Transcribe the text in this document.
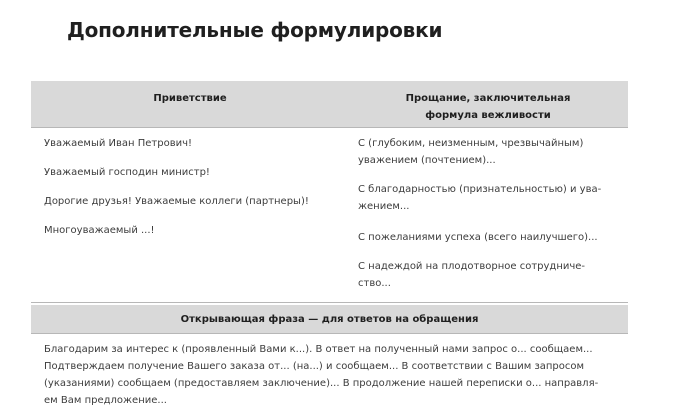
Дополнительные формулировки
Приветствие	Прощание, заключительная
формула вежливости
Уважаемый Иван Петрович!
Уважаемый господин министр!
Дорогие друзья! Уважаемые коллеги (партнеры)!
Многоуважаемый ...!
С (глубоким, неизменным, чрезвычайным)
уважением (почтением)...
С благодарностью (признательностью) и ува-
жением...
С пожеланиями успеха (всего наилучшего)...
С надеждой на плодотворное сотрудниче-
ство...
Открывающая фраза — для ответов на обращения
Благодарим за интерес к (проявленный Вами к...). В ответ на полученный нами запрос о... сообщаем...
Подтверждаем получение Вашего заказа от... (на...) и сообщаем... В соответствии с Вашим запросом
(указаниями) сообщаем (предоставляем заключение)... В продолжение нашей переписки о... направля-
ем Вам предложение...
